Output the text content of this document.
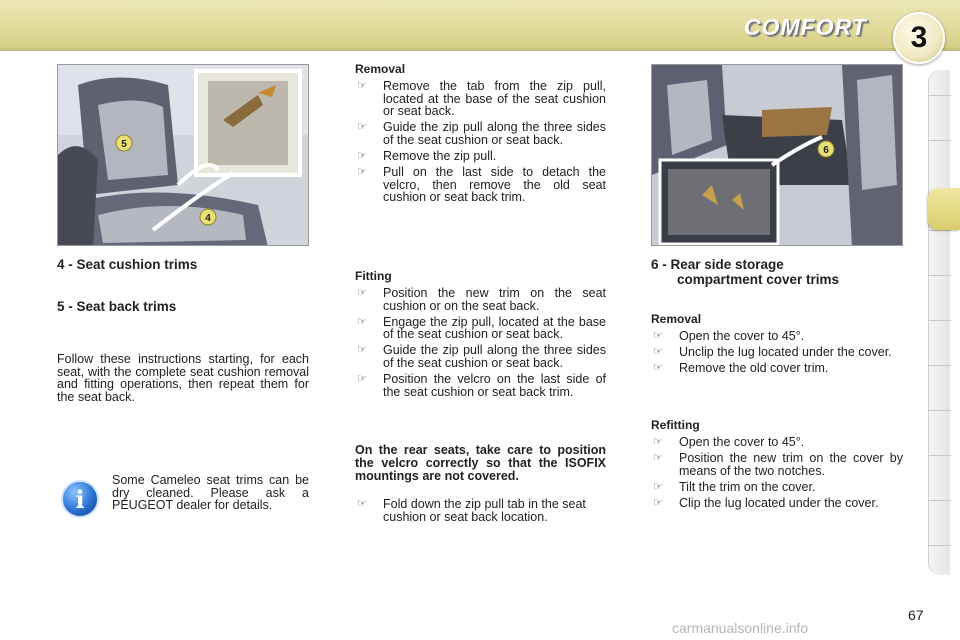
COMFORT	3
5
4
6
4 - Seat cushion trims
5 - Seat back trims
Follow these instructions starting, for each seat, with the complete seat cushion removal and fitting operations, then repeat them for the seat back.
i
Some Cameleo seat trims can be dry cleaned. Please ask a PEUGEOT dealer for details.
Removal
☞ Remove the tab from the zip pull, located at the base of the seat cushion or seat back.
☞ Guide the zip pull along the three sides of the seat cushion or seat back.
☞ Remove the zip pull.
☞ Pull on the last side to detach the velcro, then remove the old seat cushion or seat back trim.
Fitting
☞ Position the new trim on the seat cushion or on the seat back.
☞ Engage the zip pull, located at the base of the seat cushion or seat back.
☞ Guide the zip pull along the three sides of the seat cushion or seat back.
☞ Position the velcro on the last side of the seat cushion or seat back trim.
On the rear seats, take care to position the velcro correctly so that the ISOFIX mountings are not covered.
☞ Fold down the zip pull tab in the seat cushion or seat back location.
6 - Rear side storage
compartment cover trims
Removal
☞ Open the cover to 45°.
☞ Unclip the lug located under the cover.
☞ Remove the old cover trim.
Refitting
☞ Open the cover to 45°.
☞ Position the new trim on the cover by means of the two notches.
☞ Tilt the trim on the cover.
☞ Clip the lug located under the cover.
67
carmanualsonline.info
